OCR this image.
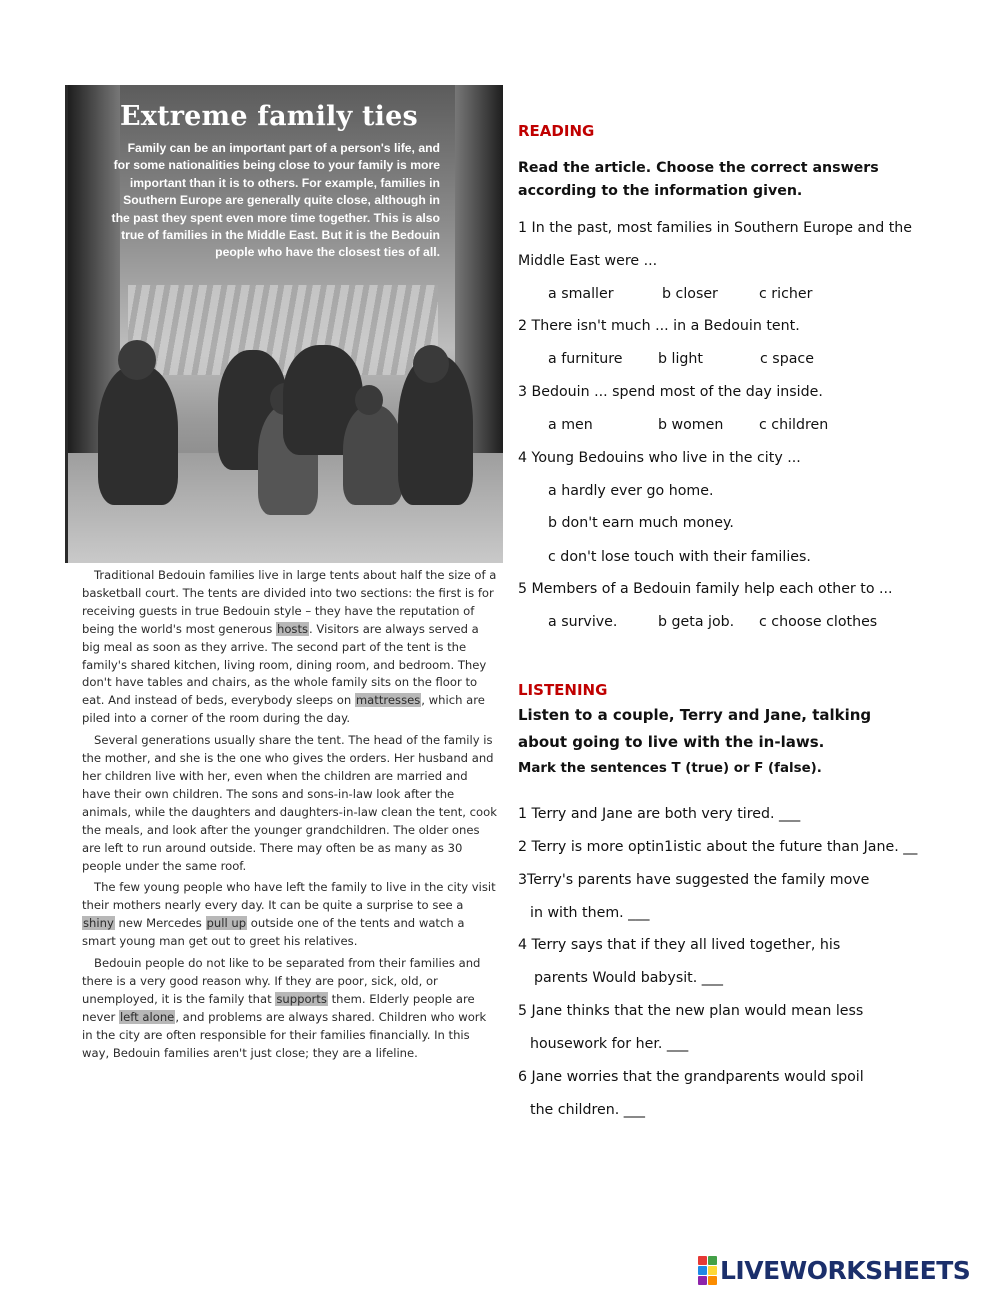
Extreme family ties

Family can be an important part of a person's life, and for some nationalities being close to your family is more important than it is to others. For example, families in Southern Europe are generally quite close, although in the past they spent even more time together. This is also true of families in the Middle East. But it is the Bedouin people who have the closest ties of all.

Traditional Bedouin families live in large tents about half the size of a basketball court. The tents are divided into two sections: the first is for receiving guests in true Bedouin style – they have the reputation of being the world's most generous hosts. Visitors are always served a big meal as soon as they arrive. The second part of the tent is the family's shared kitchen, living room, dining room, and bedroom. They don't have tables and chairs, as the whole family sits on the floor to eat. And instead of beds, everybody sleeps on mattresses, which are piled into a corner of the room during the day.

Several generations usually share the tent. The head of the family is the mother, and she is the one who gives the orders. Her husband and her children live with her, even when the children are married and have their own children. The sons and sons-in-law look after the animals, while the daughters and daughters-in-law clean the tent, cook the meals, and look after the younger grandchildren. The older ones are left to run around outside. There may often be as many as 30 people under the same roof.

The few young people who have left the family to live in the city visit their mothers nearly every day. It can be quite a surprise to see a shiny new Mercedes pull up outside one of the tents and watch a smart young man get out to greet his relatives.

Bedouin people do not like to be separated from their families and there is a very good reason why. If they are poor, sick, old, or unemployed, it is the family that supports them. Elderly people are never left alone, and problems are always shared. Children who work in the city are often responsible for their families financially. In this way, Bedouin families aren't just close; they are a lifeline.

READING

Read the article. Choose the correct answers according to the information given.

1 In the past, most families in Southern Europe and the

Middle East were ...

a smaller	b closer	c richer

2 There isn't much ... in a Bedouin tent.

a furniture b light	c space

3 Bedouin ... spend most of the day inside.

a men	b women	c children

4 Young Bedouins who live in the city ...

a hardly ever go home.

b don't earn much money.

c don't lose touch with their families.

5 Members of a Bedouin family help each other to ...

a survive.	b geta job. c choose clothes

LISTENING

Listen to a couple, Terry and Jane, talking

about going to live with the in-laws.

Mark the sentences T (true) or F (false).

1 Terry and Jane are both very tired. ___

2 Terry is more optin1istic about the future than Jane. __

3Terry's parents have suggested the family move

in with them. ___

4 Terry says that if they all lived together, his

parents Would babysit. ___

5 Jane thinks that the new plan would mean less

housework for her. ___

6 Jane worries that the grandparents would spoil

the children. ___

LIVEWORKSHEETS
